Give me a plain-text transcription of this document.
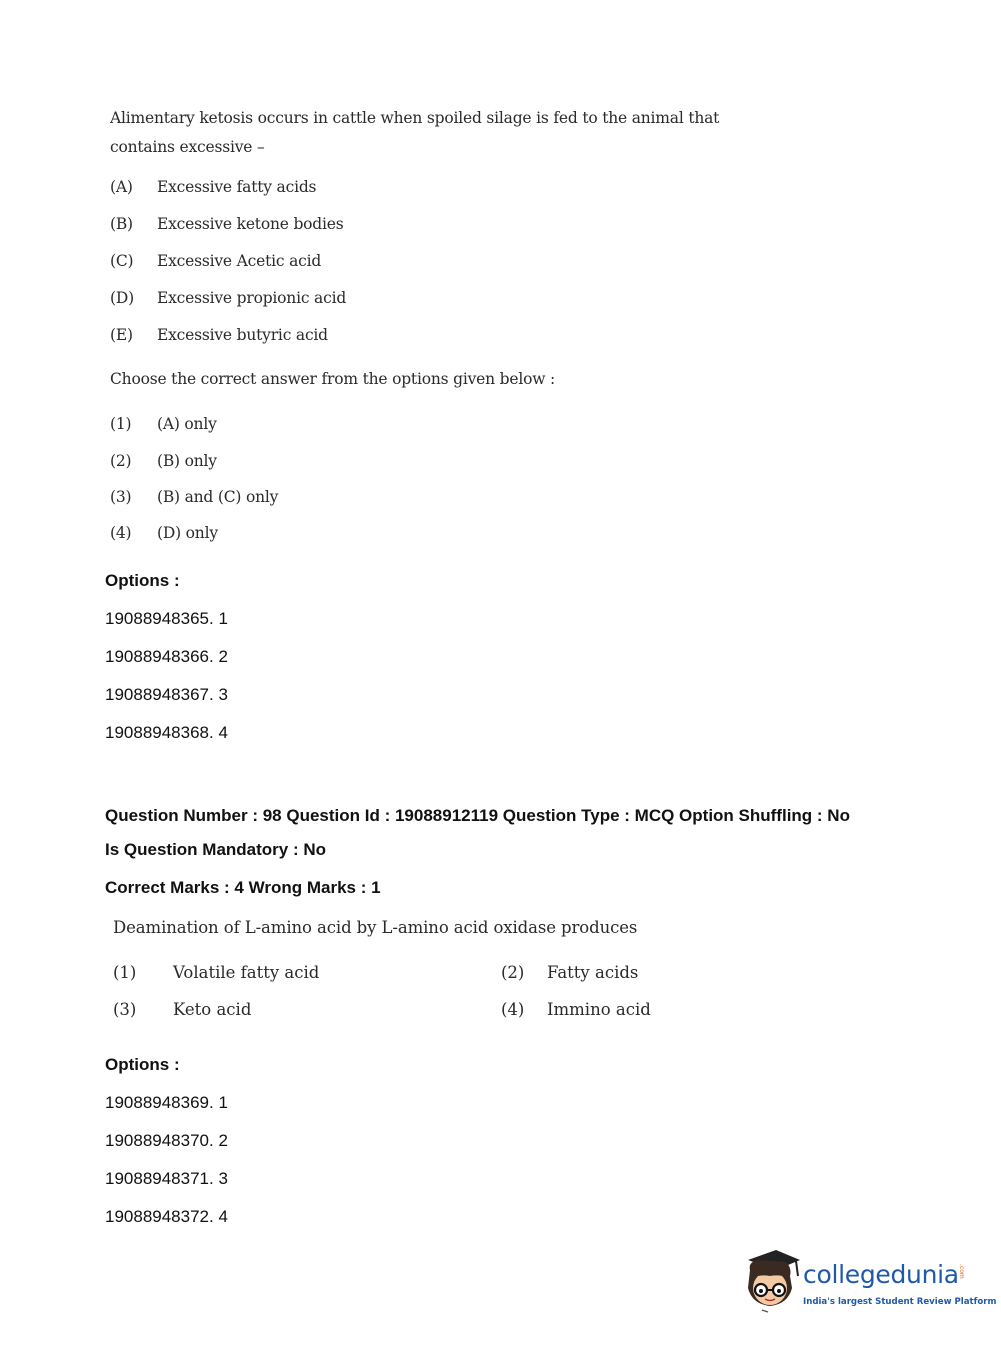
Alimentary ketosis occurs in cattle when spoiled silage is fed to the animal that contains excessive –
(A) Excessive fatty acids
(B) Excessive ketone bodies
(C) Excessive Acetic acid
(D) Excessive propionic acid
(E) Excessive butyric acid
Choose the correct answer from the options given below :
(1) (A) only
(2) (B) only
(3) (B) and (C) only
(4) (D) only
Options :
19088948365. 1
19088948366. 2
19088948367. 3
19088948368. 4
Question Number : 98 Question Id : 19088912119 Question Type : MCQ Option Shuffling : No
Is Question Mandatory : No
Correct Marks : 4 Wrong Marks : 1
Deamination of L-amino acid by L-amino acid oxidase produces
(1) Volatile fatty acid	(2) Fatty acids
(3) Keto acid	(4) Immino acid
Options :
19088948369. 1
19088948370. 2
19088948371. 3
19088948372. 4
collegedunia .com
India's largest Student Review Platform
